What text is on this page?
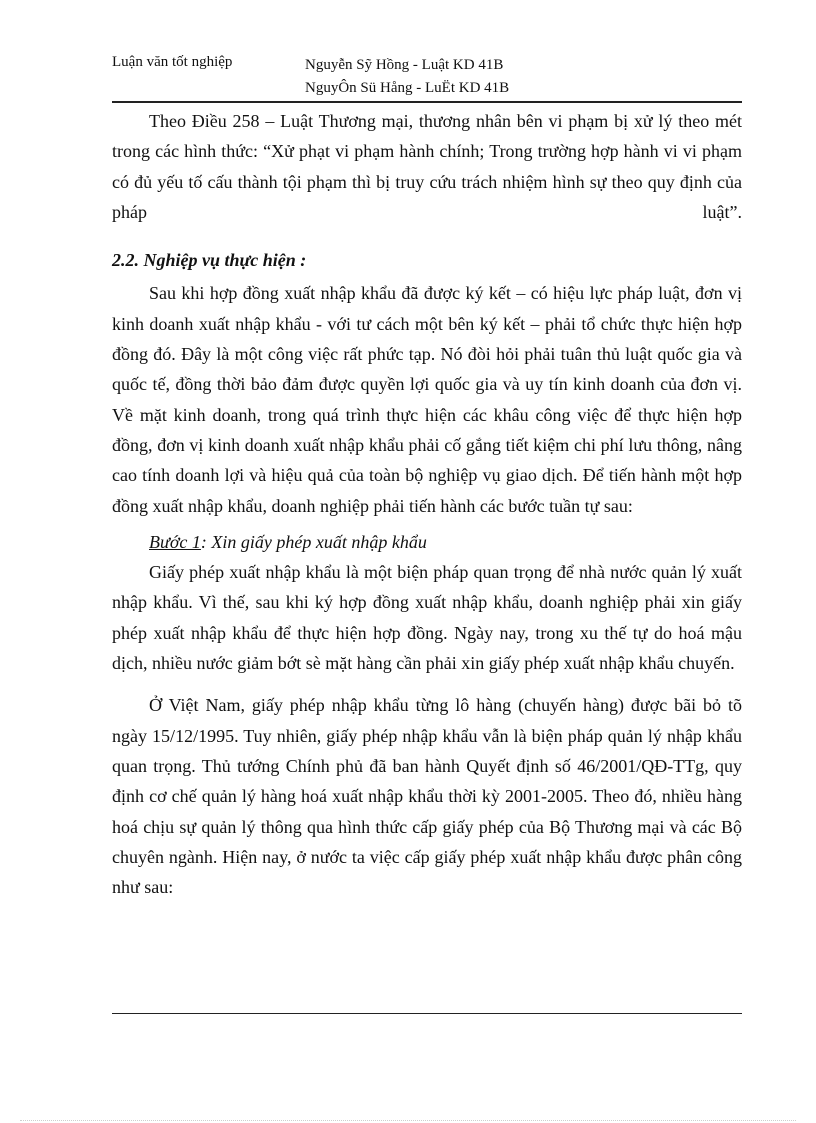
Luận văn tốt nghiệp	Nguyễn Sỹ Hồng - Luật KD 41B
NguyÔn Sü Hång - LuËt KD 41B

Theo Điều 258 – Luật Thương mại, thương nhân bên vi phạm bị xử lý theo mét trong các hình thức: “Xử phạt vi phạm hành chính; Trong trường hợp hành vi vi phạm có đủ yếu tố cấu thành tội phạm thì bị truy cứu trách nhiệm hình sự theo quy định của pháp luật”.

2.2. Nghiệp vụ thực hiện :

Sau khi hợp đồng xuất nhập khẩu đã được ký kết – có hiệu lực pháp luật, đơn vị kinh doanh xuất nhập khẩu - với tư cách một bên ký kết – phải tổ chức thực hiện hợp đồng đó. Đây là một công việc rất phức tạp. Nó đòi hỏi phải tuân thủ luật quốc gia và quốc tế, đồng thời bảo đảm được quyền lợi quốc gia và uy tín kinh doanh của đơn vị. Về mặt kinh doanh, trong quá trình thực hiện các khâu công việc để thực hiện hợp đồng, đơn vị kinh doanh xuất nhập khẩu phải cố gắng tiết kiệm chi phí lưu thông, nâng cao tính doanh lợi và hiệu quả của toàn bộ nghiệp vụ giao dịch. Để tiến hành một hợp đồng xuất nhập khẩu, doanh nghiệp phải tiến hành các bước tuần tự sau:

Bước 1: Xin giấy phép xuất nhập khẩu

Giấy phép xuất nhập khẩu là một biện pháp quan trọng để nhà nước quản lý xuất nhập khẩu. Vì thế, sau khi ký hợp đồng xuất nhập khẩu, doanh nghiệp phải xin giấy phép xuất nhập khẩu để thực hiện hợp đồng. Ngày nay, trong xu thế tự do hoá mậu dịch, nhiều nước giảm bớt sè mặt hàng cần phải xin giấy phép xuất nhập khẩu chuyến.

Ở Việt Nam, giấy phép nhập khẩu từng lô hàng (chuyến hàng) được bãi bỏ tõ ngày 15/12/1995. Tuy nhiên, giấy phép nhập khẩu vẫn là biện pháp quản lý nhập khẩu quan trọng. Thủ tướng Chính phủ đã ban hành Quyết định số 46/2001/QĐ-TTg, quy định cơ chế quản lý hàng hoá xuất nhập khẩu thời kỳ 2001-2005. Theo đó, nhiều hàng hoá chịu sự quản lý thông qua hình thức cấp giấy phép của Bộ Thương mại và các Bộ chuyên ngành. Hiện nay, ở nước ta việc cấp giấy phép xuất nhập khẩu được phân công như sau:
